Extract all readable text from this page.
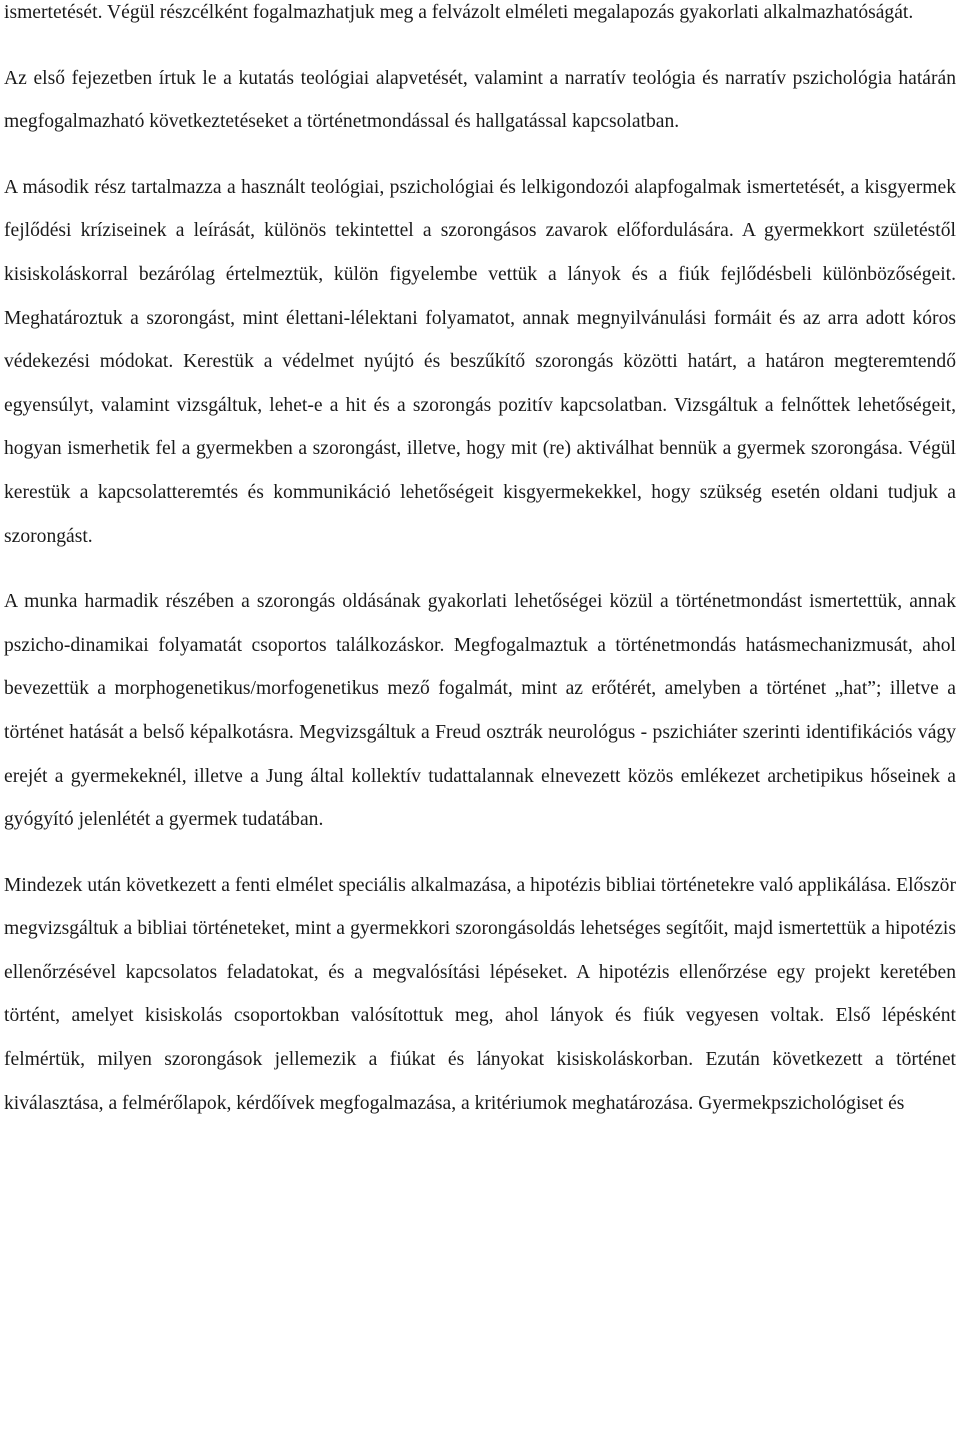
ismertetését. Végül részcélként fogalmazhatjuk meg a felvázolt elméleti megalapozás gyakorlati alkalmazhatóságát.

Az első fejezetben írtuk le a kutatás teológiai alapvetését, valamint a narratív teológia és narratív pszichológia határán megfogalmazható következtetéseket a történetmondással és hallgatással kapcsolatban.

A második rész tartalmazza a használt teológiai, pszichológiai és lelkigondozói alapfogalmak ismertetését, a kisgyermek fejlődési kríziseinek a leírását, különös tekintettel a szorongásos zavarok előfordulására. A gyermekkort születéstől kisiskoláskorral bezárólag értelmeztük, külön figyelembe vettük a lányok és a fiúk fejlődésbeli különbözőségeit. Meghatároztuk a szorongást, mint élettani-lélektani folyamatot, annak megnyilvánulási formáit és az arra adott kóros védekezési módokat. Kerestük a védelmet nyújtó és beszűkítő szorongás közötti határt, a határon megteremtendő egyensúlyt, valamint vizsgáltuk, lehet-e a hit és a szorongás pozitív kapcsolatban. Vizsgáltuk a felnőttek lehetőségeit, hogyan ismerhetik fel a gyermekben a szorongást, illetve, hogy mit (re) aktiválhat bennük a gyermek szorongása. Végül kerestük a kapcsolatteremtés és kommunikáció lehetőségeit kisgyermekekkel, hogy szükség esetén oldani tudjuk a szorongást.

A munka harmadik részében a szorongás oldásának gyakorlati lehetőségei közül a történetmondást ismertettük, annak pszicho-dinamikai folyamatát csoportos találkozáskor. Megfogalmaztuk a történetmondás hatásmechanizmusát, ahol bevezettük a morphogenetikus/morfogenetikus mező fogalmát, mint az erőtérét, amelyben a történet „hat”; illetve a történet hatását a belső képalkotásra. Megvizsgáltuk a Freud osztrák neurológus - pszichiáter szerinti identifikációs vágy erejét a gyermekeknél, illetve a Jung által kollektív tudattalannak elnevezett közös emlékezet archetipikus hőseinek a gyógyító jelenlétét a gyermek tudatában.

Mindezek után következett a fenti elmélet speciális alkalmazása, a hipotézis bibliai történetekre való applikálása. Először megvizsgáltuk a bibliai történeteket, mint a gyermekkori szorongásoldás lehetséges segítőit, majd ismertettük a hipotézis ellenőrzésével kapcsolatos feladatokat, és a megvalósítási lépéseket. A hipotézis ellenőrzése egy projekt keretében történt, amelyet kisiskolás csoportokban valósítottuk meg, ahol lányok és fiúk vegyesen voltak. Első lépésként felmértük, milyen szorongások jellemezik a fiúkat és lányokat kisiskoláskorban. Ezután következett a történet kiválasztása, a felmérőlapok, kérdőívek megfogalmazása, a kritériumok meghatározása. Gyermekpszichológiset és
